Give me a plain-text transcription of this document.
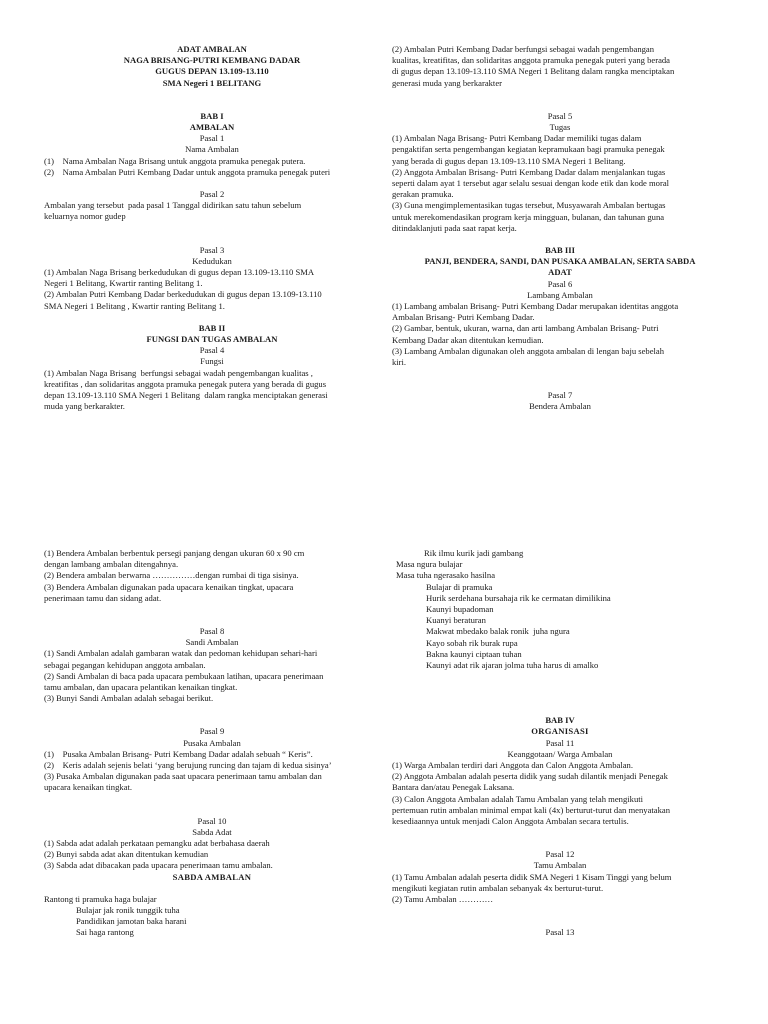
ADAT AMBALAN
NAGA BRISANG-PUTRI KEMBANG DADAR
GUGUS DEPAN 13.109-13.110
SMA Negeri 1 BELITANG
BAB I
AMBALAN
Pasal 1
Nama Ambalan
(1)    Nama Ambalan Naga Brisang untuk anggota pramuka penegak putera.
(2)    Nama Ambalan Putri Kembang Dadar untuk anggota pramuka penegak puteri
Pasal 2
Ambalan yang tersebut  pada pasal 1 Tanggal didirikan satu tahun sebelum
keluarnya nomor gudep
Pasal 3
Kedudukan
(1) Ambalan Naga Brisang berkedudukan di gugus depan 13.109-13.110 SMA
Negeri 1 Belitang, Kwartir ranting Belitang 1.
(2) Ambalan Putri Kembang Dadar berkedudukan di gugus depan 13.109-13.110
SMA Negeri 1 Belitang , Kwartir ranting Belitang 1.
BAB II
FUNGSI DAN TUGAS AMBALAN
Pasal 4
Fungsi
(1) Ambalan Naga Brisang  berfungsi sebagai wadah pengembangan kualitas ,
kreatifitas , dan solidaritas anggota pramuka penegak putera yang berada di gugus
depan 13.109-13.110 SMA Negeri 1 Belitang  dalam rangka menciptakan generasi
muda yang berkarakter.
(2) Ambalan Putri Kembang Dadar berfungsi sebagai wadah pengembangan
kualitas, kreatifitas, dan solidaritas anggota pramuka penegak puteri yang berada
di gugus depan 13.109-13.110 SMA Negeri 1 Belitang dalam rangka menciptakan
generasi muda yang berkarakter
Pasal 5
Tugas
(1) Ambalan Naga Brisang- Putri Kembang Dadar memiliki tugas dalam
pengaktifan serta pengembangan kegiatan kepramukaan bagi pramuka penegak
yang berada di gugus depan 13.109-13.110 SMA Negeri 1 Belitang.
(2) Anggota Ambalan Brisang- Putri Kembang Dadar dalam menjalankan tugas
seperti dalam ayat 1 tersebut agar selalu sesuai dengan kode etik dan kode moral
gerakan pramuka.
(3) Guna mengimplementasikan tugas tersebut, Musyawarah Ambalan bertugas
untuk merekomendasikan program kerja mingguan, bulanan, dan tahunan guna
ditindaklanjuti pada saat rapat kerja.
BAB III
PANJI, BENDERA, SANDI, DAN PUSAKA AMBALAN, SERTA SABDA
ADAT
Pasal 6
Lambang Ambalan
(1) Lambang ambalan Brisang- Putri Kembang Dadar merupakan identitas anggota
Ambalan Brisang- Putri Kembang Dadar.
(2) Gambar, bentuk, ukuran, warna, dan arti lambang Ambalan Brisang- Putri
Kembang Dadar akan ditentukan kemudian.
(3) Lambang Ambalan digunakan oleh anggota ambalan di lengan baju sebelah
kiri.
Pasal 7
Bendera Ambalan
(1) Bendera Ambalan berbentuk persegi panjang dengan ukuran 60 x 90 cm
dengan lambang ambalan ditengahnya.
(2) Bendera ambalan berwarna ……………dengan rumbai di tiga sisinya.
(3) Bendera Ambalan digunakan pada upacara kenaikan tingkat, upacara
penerimaan tamu dan sidang adat.
Pasal 8
Sandi Ambalan
(1) Sandi Ambalan adalah gambaran watak dan pedoman kehidupan sehari-hari
sebagai pegangan kehidupan anggota ambalan.
(2) Sandi Ambalan di baca pada upacara pembukaan latihan, upacara penerimaan
tamu ambalan, dan upacara pelantikan kenaikan tingkat.
(3) Bunyi Sandi Ambalan adalah sebagai berikut.
Pasal 9
Pusaka Ambalan
(1)    Pusaka Ambalan Brisang- Putri Kembang Dadar adalah sebuah “ Keris”.
(2)    Keris adalah sejenis belati ‘yang berujung runcing dan tajam di kedua sisinya’
(3) Pusaka Ambalan digunakan pada saat upacara penerimaan tamu ambalan dan
upacara kenaikan tingkat.
Pasal 10
Sabda Adat
(1) Sabda adat adalah perkataan pemangku adat berbahasa daerah
(2) Bunyi sabda adat akan ditentukan kemudian
(3) Sabda adat dibacakan pada upacara penerimaan tamu ambalan.
SABDA AMBALAN
Rantong ti pramuka haga bulajar
Bulajar jak ronik tunggik tuha
Pandidikan jamotan baka harani
Sai haga rantong
Rik ilmu kurik jadi gambang
Masa ngura bulajar
Masa tuha ngerasako hasilna
Bulajar di pramuka
Hurik serdehana bursahaja rik ke cermatan dimilikina
Kaunyi bupadoman
Kuanyi beraturan
Makwat mbedako balak ronik  juha ngura
Kayo sobah rik burak rupa
Bakna kaunyi ciptaan tuhan
Kaunyi adat rik ajaran jolma tuha harus di amalko
BAB IV
ORGANISASI
Pasal 11
Keanggotaan/ Warga Ambalan
(1) Warga Ambalan terdiri dari Anggota dan Calon Anggota Ambalan.
(2) Anggota Ambalan adalah peserta didik yang sudah dilantik menjadi Penegak
Bantara dan/atau Penegak Laksana.
(3) Calon Anggota Ambalan adalah Tamu Ambalan yang telah mengikuti
pertemuan rutin ambalan minimal empat kali (4x) berturut-turut dan menyatakan
kesediaannya untuk menjadi Calon Anggota Ambalan secara tertulis.
Pasal 12
Tamu Ambalan
(1) Tamu Ambalan adalah peserta didik SMA Negeri 1 Kisam Tinggi yang belum
mengikuti kegiatan rutin ambalan sebanyak 4x berturut-turut.
(2) Tamu Ambalan …………
Pasal 13
